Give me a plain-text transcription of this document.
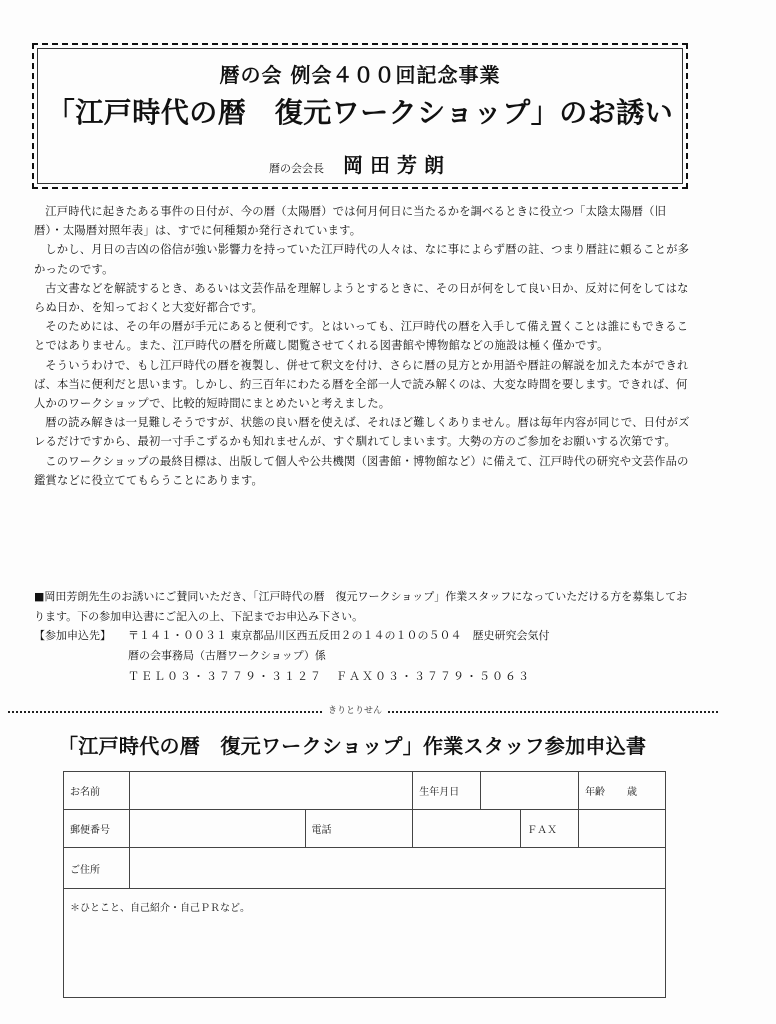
暦の会 例会４００回記念事業
「江戸時代の暦　復元ワークショップ」のお誘い
暦の会会長 岡田芳朗

江戸時代に起きたある事件の日付が、今の暦（太陽暦）では何月何日に当たるかを調べるときに役立つ「太陰太陽暦（旧暦）・太陽暦対照年表」は、すでに何種類か発行されています。

しかし、月日の吉凶の俗信が強い影響力を持っていた江戸時代の人々は、なに事によらず暦の註、つまり暦註に頼ることが多かったのです。

古文書などを解読するとき、あるいは文芸作品を理解しようとするときに、その日が何をして良い日か、反対に何をしてはならぬ日か、を知っておくと大変好都合です。

そのためには、その年の暦が手元にあると便利です。とはいっても、江戸時代の暦を入手して備え置くことは誰にもできることではありません。また、江戸時代の暦を所蔵し閲覧させてくれる図書館や博物館などの施設は極く僅かです。

そういうわけで、もし江戸時代の暦を複製し、併せて釈文を付け、さらに暦の見方とか用語や暦註の解説を加えた本ができれば、本当に便利だと思います。しかし、約三百年にわたる暦を全部一人で読み解くのは、大変な時間を要します。できれば、何人かのワークショップで、比較的短時間にまとめたいと考えました。

暦の読み解きは一見難しそうですが、状態の良い暦を使えば、それほど難しくありません。暦は毎年内容が同じで、日付がズレるだけですから、最初一寸手こずるかも知れませんが、すぐ馴れてしまいます。大勢の方のご参加をお願いする次第です。

このワークショップの最終目標は、出版して個人や公共機関（図書館・博物館など）に備えて、江戸時代の研究や文芸作品の鑑賞などに役立ててもらうことにあります。

■岡田芳朗先生のお誘いにご賛同いただき、「江戸時代の暦　復元ワークショップ」作業スタッフになっていただける方を募集しております。下の参加申込書にご記入の上、下記までお申込み下さい。

【参加申込先】	〒１４１・００３１ 東京都品川区西五反田２の１４の１０の５０４　歴史研究会気付
暦の会事務局（古暦ワークショップ）係
ＴＥＬ０３・３７７９・３１２７　ＦＡＸ０３・３７７９・５０６３
きりとりせん
「江戸時代の暦　復元ワークショップ」作業スタッフ参加申込書
お名前			生年月日			年齢 歳

郵便番号		電話			ＦＡＸ	
ご住所						
＊ひとこと、自己紹介・自己ＰＲなど。						
